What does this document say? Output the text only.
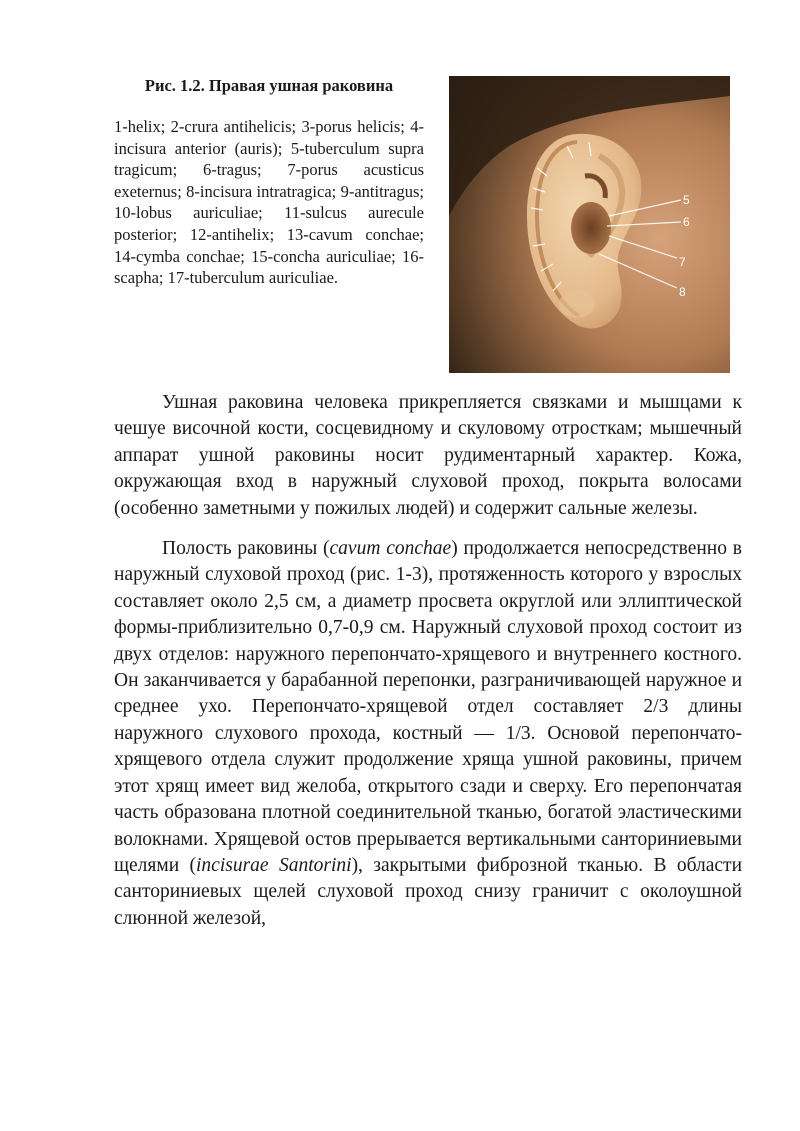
Рис. 1.2. Правая ушная раковина

1-helix; 2-crura antihelicis; 3-porus helicis; 4-incisura anterior (auris); 5-tuberculum supra tragicum; 6-tragus; 7-porus acusticus exeternus; 8-incisura intratragica; 9-antitragus; 10-lobus auriculiae; 11-sulcus aurecule posterior; 12-antihelix; 13-cavum conchae; 14-cymba conchae; 15-concha auriculiae; 16- scapha; 17-tuberculum auriculiae.

5
6
7
8

Ушная раковина человека прикрепляется связками и мышцами к чешуе височной кости, сосцевидному и скуловому отросткам; мышечный аппарат ушной раковины носит рудиментарный характер. Кожа, окружающая вход в наружный слуховой проход, покрыта волосами (особенно заметными у пожилых людей) и содержит сальные железы.

Полость раковины (cavum conchae) продолжается непосредственно в наружный слуховой проход (рис. 1-3), протяженность которого у взрослых составляет около 2,5 см, а диаметр просвета округлой или эллиптической формы-приблизительно 0,7-0,9 см. Наружный слуховой проход состоит из двух отделов: наружного перепончато-хрящевого и внутреннего костного. Он заканчивается у барабанной перепонки, разграничивающей наружное и среднее ухо. Перепончато-хрящевой отдел составляет 2/3 длины наружного слухового прохода, костный — 1/3. Основой перепончато-хрящевого отдела служит продолжение хряща ушной раковины, причем этот хрящ имеет вид желоба, открытого сзади и сверху. Его перепончатая часть образована плотной соединительной тканью, богатой эластическими волокнами. Хрящевой остов прерывается вертикальными санториниевыми щелями (incisurae Santorini), закрытыми фиброзной тканью. В области санториниевых щелей слуховой проход снизу граничит с околоушной слюнной железой,
